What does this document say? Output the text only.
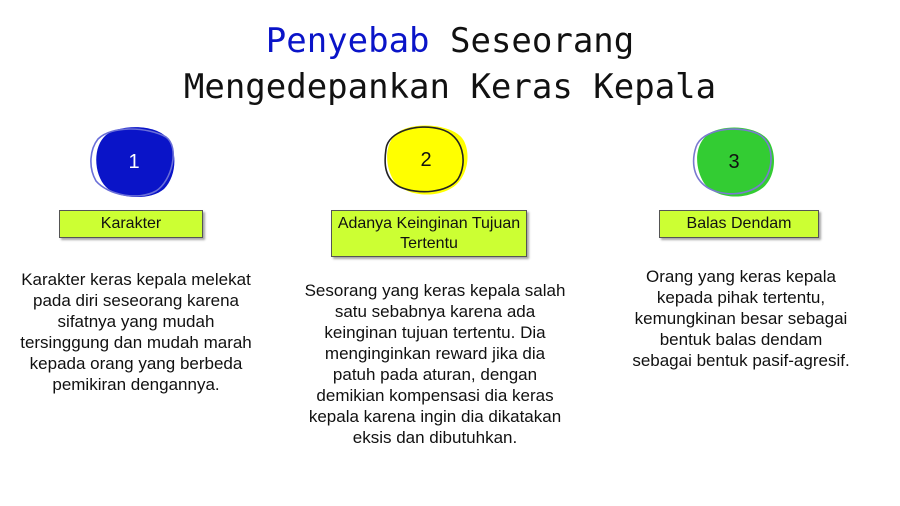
Penyebab Seseorang
Mengedepankan Keras Kepala
1
Karakter
Karakter keras kepala melekat pada diri seseorang karena sifatnya yang mudah tersinggung dan mudah marah kepada orang yang berbeda pemikiran dengannya.
2
Adanya Keinginan Tujuan Tertentu
Sesorang yang keras kepala salah satu sebabnya karena ada keinginan tujuan tertentu. Dia menginginkan reward jika dia patuh pada aturan, dengan demikian kompensasi dia keras kepala karena ingin dia dikatakan eksis dan dibutuhkan.
3
Balas Dendam
Orang yang keras kepala kepada pihak tertentu, kemungkinan besar sebagai bentuk balas dendam sebagai bentuk pasif-agresif.
